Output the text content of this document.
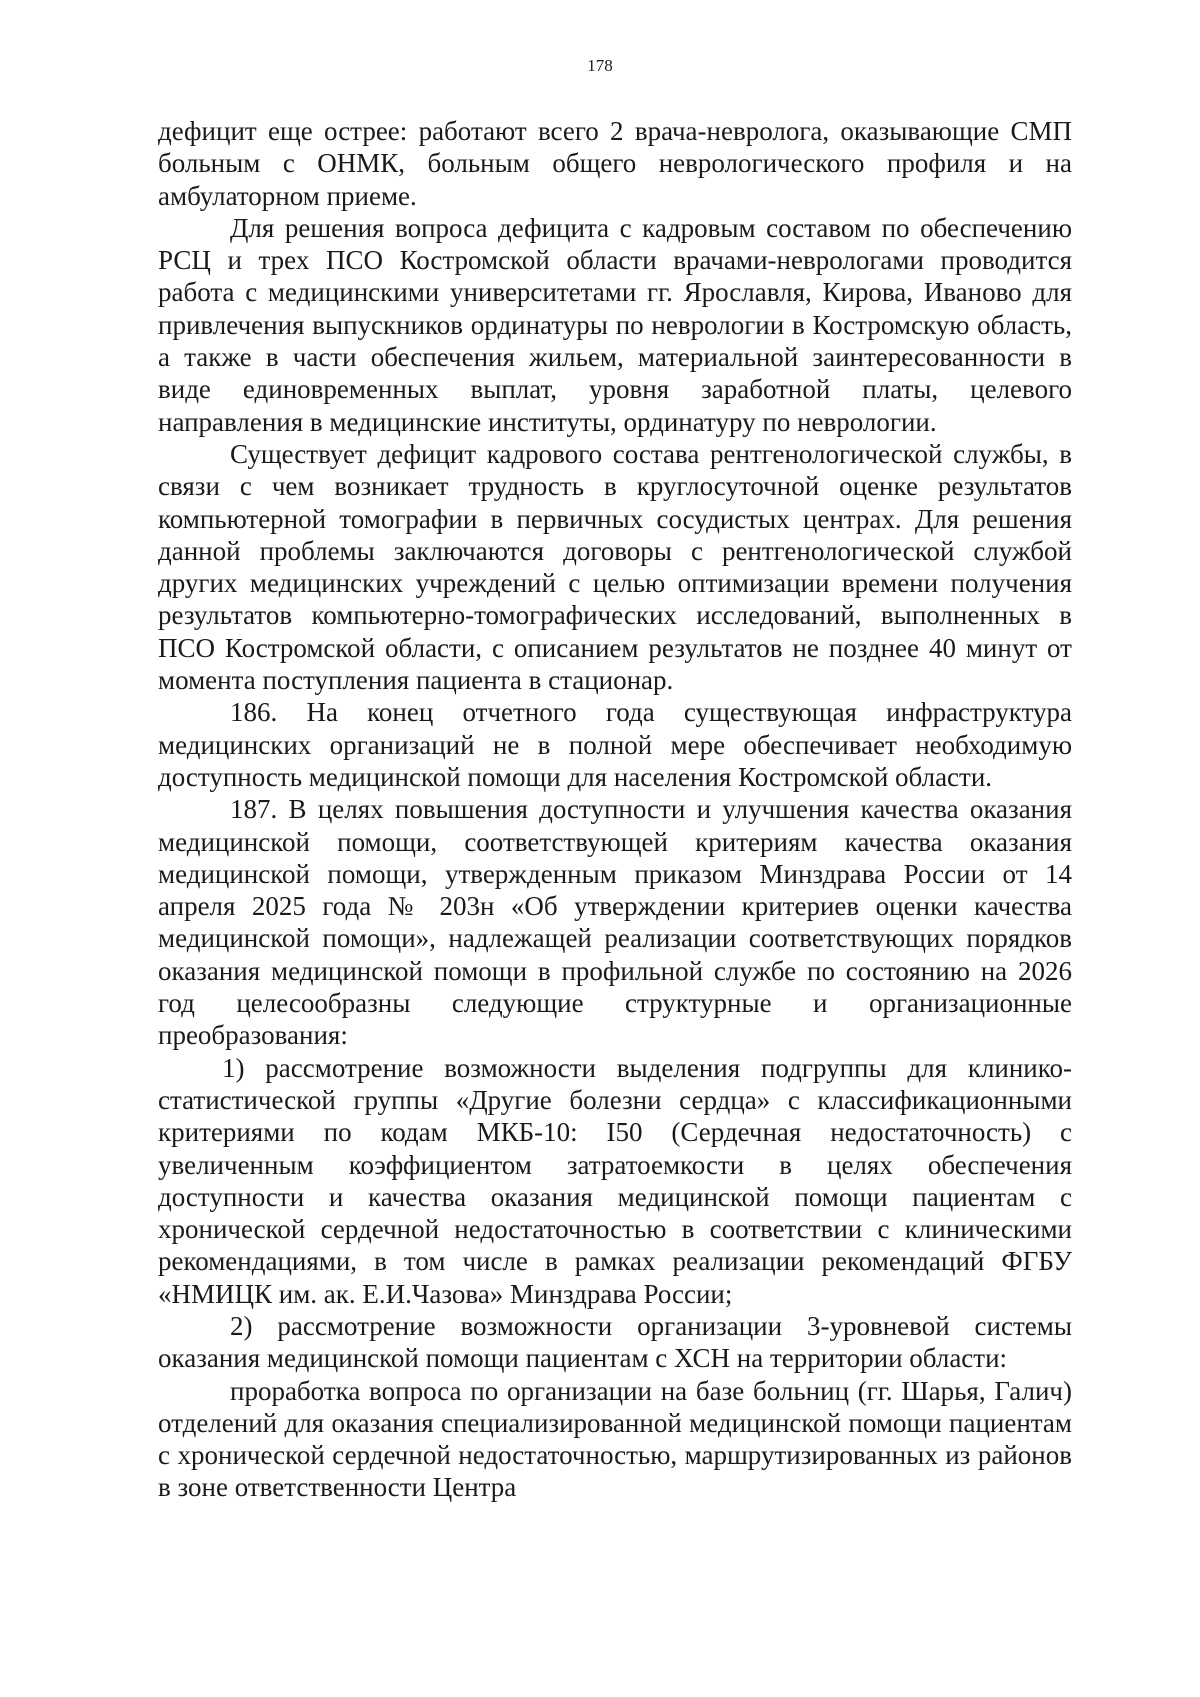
178

дефицит еще острее: работают всего 2 врача-невролога, оказывающие СМП больным с ОНМК, больным общего неврологического профиля и на амбулаторном приеме.

Для решения вопроса дефицита с кадровым составом по обеспечению РСЦ и трех ПСО Костромской области врачами-неврологами проводится работа с медицинскими университетами гг. Ярославля, Кирова, Иваново для привлечения выпускников ординатуры по неврологии в Костромскую область, а также в части обеспечения жильем, материальной заинтересованности в виде единовременных выплат, уровня заработной платы, целевого направления в медицинские институты, ординатуру по неврологии.

Существует дефицит кадрового состава рентгенологической службы, в связи с чем возникает трудность в круглосуточной оценке результатов компьютерной томографии в первичных сосудистых центрах. Для решения данной проблемы заключаются договоры с рентгенологической службой других медицинских учреждений с целью оптимизации времени получения результатов компьютерно-томографических исследований, выполненных в ПСО Костромской области, с описанием результатов не позднее 40 минут от момента поступления пациента в стационар.

186. На конец отчетного года существующая инфраструктура медицинских организаций не в полной мере обеспечивает необходимую доступность медицинской помощи для населения Костромской области.

187. В целях повышения доступности и улучшения качества оказания медицинской помощи, соответствующей критериям качества оказания медицинской помощи, утвержденным приказом Минздрава России от 14 апреля 2025 года № 203н «Об утверждении критериев оценки качества медицинской помощи», надлежащей реализации соответствующих порядков оказания медицинской помощи в профильной службе по состоянию на 2026 год целесообразны следующие структурные и организационные преобразования:

1) рассмотрение возможности выделения подгруппы для клинико-статистической группы «Другие болезни сердца» с классификационными критериями по кодам МКБ-10: I50 (Сердечная недостаточность) с увеличенным коэффициентом затратоемкости в целях обеспечения доступности и качества оказания медицинской помощи пациентам с хронической сердечной недостаточностью в соответствии с клиническими рекомендациями, в том числе в рамках реализации рекомендаций ФГБУ «НМИЦК им. ак. Е.И.Чазова» Минздрава России;

2) рассмотрение возможности организации 3-уровневой системы оказания медицинской помощи пациентам с ХСН на территории области:

проработка вопроса по организации на базе больниц (гг. Шарья, Галич) отделений для оказания специализированной медицинской помощи пациентам с хронической сердечной недостаточностью, маршрутизированных из районов в зоне ответственности Центра
